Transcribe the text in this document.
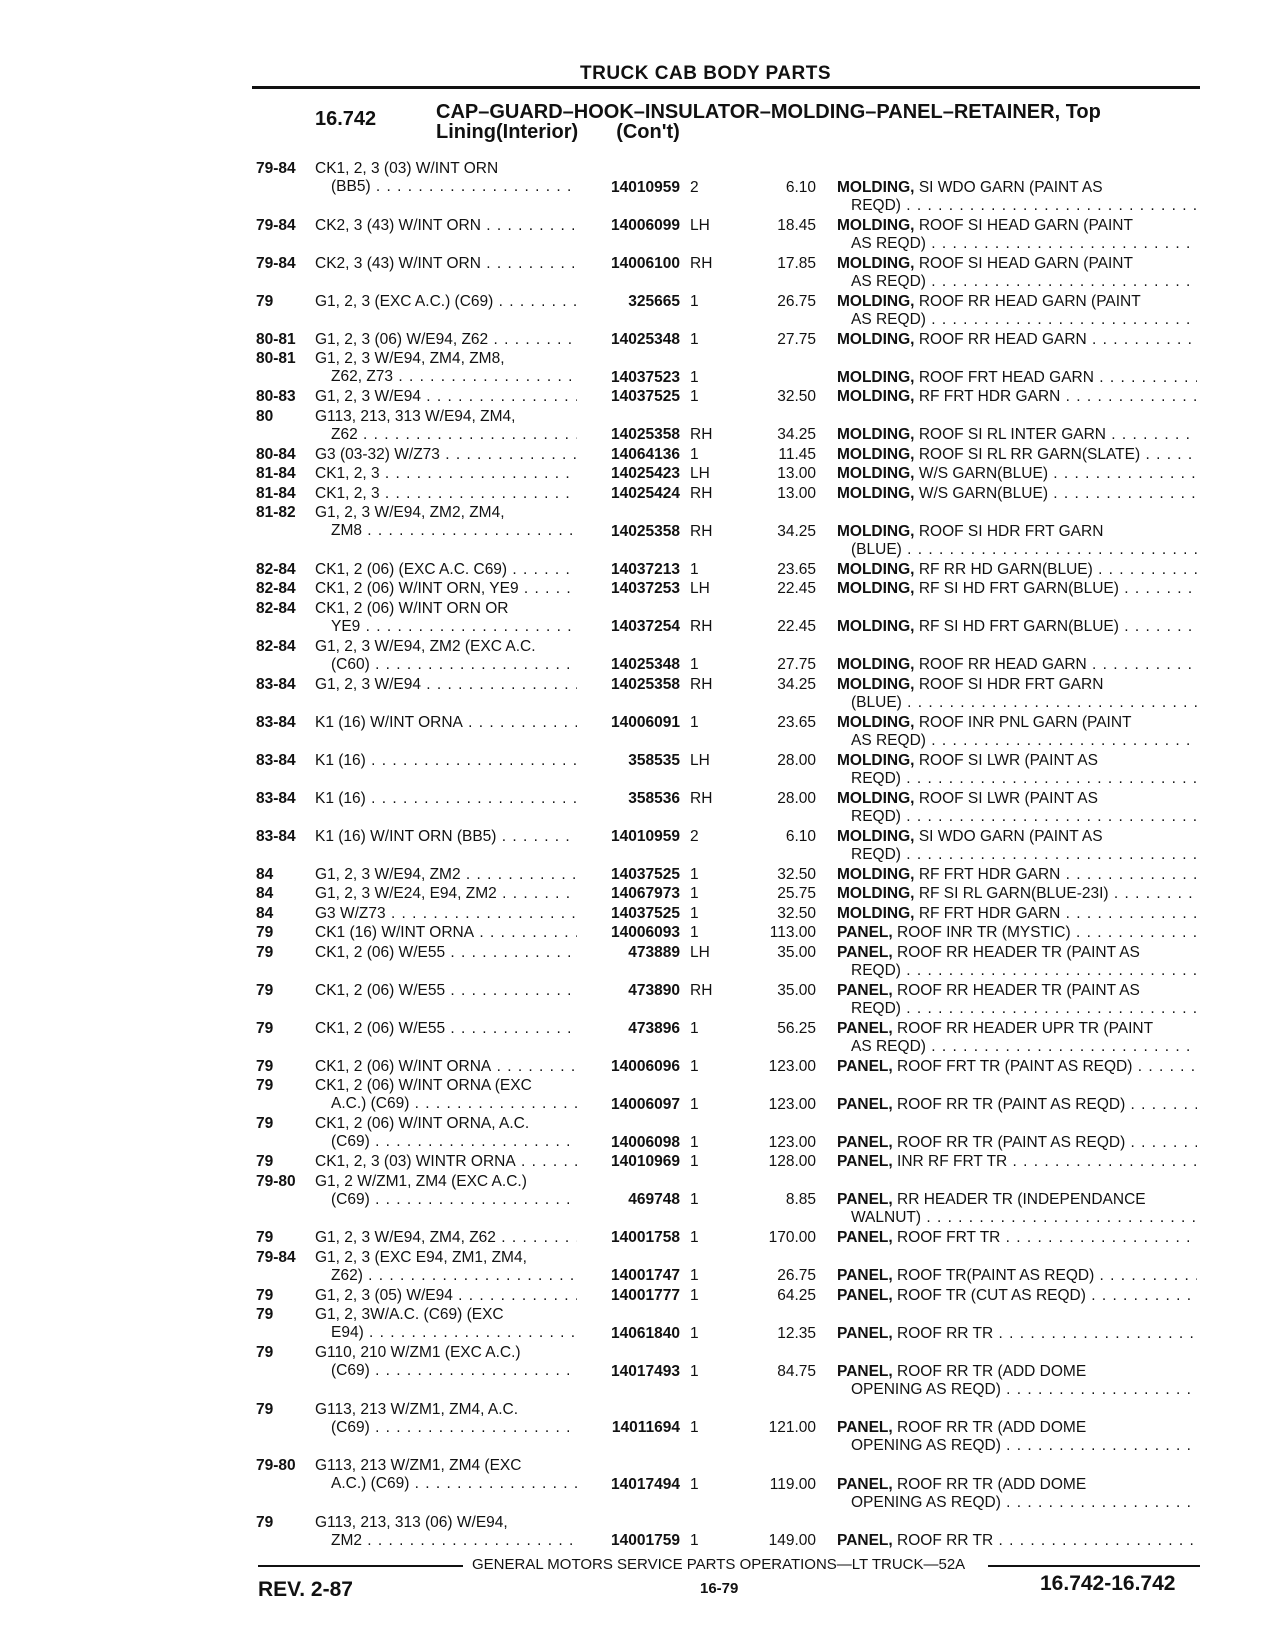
TRUCK CAB BODY PARTS
16.742	CAP–GUARD–HOOK–INSULATOR–MOLDING–PANEL–RETAINER, Top
Lining(Interior) (Con't)
79-84 CK1, 2, 3 (03) W/INT ORN
(BB5) . . .	14010959 2	6.10 MOLDING, SI WDO GARN (PAINT AS
REQD) . . .
79-84 CK2, 3 (43) W/INT ORN . . .	14006099 LH	18.45 MOLDING, ROOF SI HEAD GARN (PAINT
AS REQD) . . .
79-84 CK2, 3 (43) W/INT ORN . . .	14006100 RH	17.85 MOLDING, ROOF SI HEAD GARN (PAINT
AS REQD) . . .
79	G1, 2, 3 (EXC A.C.) (C69) . . .	325665 1	26.75 MOLDING, ROOF RR HEAD GARN (PAINT
AS REQD) . . .
80-81 G1, 2, 3 (06) W/E94, Z62 . . .	14025348 1	27.75 MOLDING, ROOF RR HEAD GARN . . .
80-81 G1, 2, 3 W/E94, ZM4, ZM8,
Z62, Z73 . . .	14037523 1	MOLDING, ROOF FRT HEAD GARN . . .
80-83 G1, 2, 3 W/E94 . . .	14037525 1	32.50 MOLDING, RF FRT HDR GARN . . .
80	G113, 213, 313 W/E94, ZM4,
Z62 . . .	14025358 RH	34.25 MOLDING, ROOF SI RL INTER GARN . . .
80-84 G3 (03-32) W/Z73 . . .	14064136 1	11.45 MOLDING, ROOF SI RL RR GARN(SLATE) . . .
81-84 CK1, 2, 3 . . .	14025423 LH	13.00 MOLDING, W/S GARN(BLUE) . . .
81-84 CK1, 2, 3 . . .	14025424 RH	13.00 MOLDING, W/S GARN(BLUE) . . .
81-82 G1, 2, 3 W/E94, ZM2, ZM4,
ZM8 . . .	14025358 RH	34.25 MOLDING, ROOF SI HDR FRT GARN
(BLUE) . . .
82-84 CK1, 2 (06) (EXC A.C. C69) . . .	14037213 1	23.65 MOLDING, RF RR HD GARN(BLUE) . . .
82-84 CK1, 2 (06) W/INT ORN, YE9 . . .	14037253 LH	22.45 MOLDING, RF SI HD FRT GARN(BLUE) . . .
82-84 CK1, 2 (06) W/INT ORN OR
YE9 . . .	14037254 RH	22.45 MOLDING, RF SI HD FRT GARN(BLUE) . . .
82-84 G1, 2, 3 W/E94, ZM2 (EXC A.C.
(C60) . . .	14025348 1	27.75 MOLDING, ROOF RR HEAD GARN . . .
83-84 G1, 2, 3 W/E94 . . .	14025358 RH	34.25 MOLDING, ROOF SI HDR FRT GARN
(BLUE) . . .
83-84 K1 (16) W/INT ORNA . . .	14006091 1	23.65 MOLDING, ROOF INR PNL GARN (PAINT
AS REQD) . . .
83-84 K1 (16) . . .	358535 LH	28.00 MOLDING, ROOF SI LWR (PAINT AS
REQD) . . .
83-84 K1 (16) . . .	358536 RH	28.00 MOLDING, ROOF SI LWR (PAINT AS
REQD) . . .
83-84 K1 (16) W/INT ORN (BB5) . . .	14010959 2	6.10 MOLDING, SI WDO GARN (PAINT AS
REQD) . . .
84	G1, 2, 3 W/E94, ZM2 . . .	14037525 1	32.50 MOLDING, RF FRT HDR GARN . . .
84	G1, 2, 3 W/E24, E94, ZM2 . . .	14067973 1	25.75 MOLDING, RF SI RL GARN(BLUE-23I) . . .
84	G3 W/Z73 . . .	14037525 1	32.50 MOLDING, RF FRT HDR GARN . . .
79	CK1 (16) W/INT ORNA . . .	14006093 1	113.00 PANEL, ROOF INR TR (MYSTIC) . . .
79	CK1, 2 (06) W/E55 . . .	473889 LH	35.00 PANEL, ROOF RR HEADER TR (PAINT AS
REQD) . . .
79	CK1, 2 (06) W/E55 . . .	473890 RH	35.00 PANEL, ROOF RR HEADER TR (PAINT AS
REQD) . . .
79	CK1, 2 (06) W/E55 . . .	473896 1	56.25 PANEL, ROOF RR HEADER UPR TR (PAINT
AS REQD) . . .
79	CK1, 2 (06) W/INT ORNA . . .	14006096 1	123.00 PANEL, ROOF FRT TR (PAINT AS REQD) . . .
79	CK1, 2 (06) W/INT ORNA (EXC
A.C.) (C69) . . .	14006097 1	123.00 PANEL, ROOF RR TR (PAINT AS REQD) . . .
79	CK1, 2 (06) W/INT ORNA, A.C.
(C69) . . .	14006098 1	123.00 PANEL, ROOF RR TR (PAINT AS REQD) . . .
79	CK1, 2, 3 (03) WINTR ORNA . . .	14010969 1	128.00 PANEL, INR RF FRT TR . . .
79-80 G1, 2 W/ZM1, ZM4 (EXC A.C.)
(C69) . . .	469748 1	8.85 PANEL, RR HEADER TR (INDEPENDANCE
WALNUT) . . .
79	G1, 2, 3 W/E94, ZM4, Z62 . . .	14001758 1	170.00 PANEL, ROOF FRT TR . . .
79-84 G1, 2, 3 (EXC E94, ZM1, ZM4,
Z62) . . .	14001747 1	26.75 PANEL, ROOF TR(PAINT AS REQD) . . .
79	G1, 2, 3 (05) W/E94 . . .	14001777 1	64.25 PANEL, ROOF TR (CUT AS REQD) . . .
79	G1, 2, 3W/A.C. (C69) (EXC
E94) . . .	14061840 1	12.35 PANEL, ROOF RR TR . . .
79	G110, 210 W/ZM1 (EXC A.C.)
(C69) . . .	14017493 1	84.75 PANEL, ROOF RR TR (ADD DOME
OPENING AS REQD) . . .
79	G113, 213 W/ZM1, ZM4, A.C.
(C69) . . .	14011694 1	121.00 PANEL, ROOF RR TR (ADD DOME
OPENING AS REQD) . . .
79-80 G113, 213 W/ZM1, ZM4 (EXC
A.C.) (C69) . . .	14017494 1	119.00 PANEL, ROOF RR TR (ADD DOME
OPENING AS REQD) . . .
79	G113, 213, 313 (06) W/E94,
ZM2 . . .	14001759 1	149.00 PANEL, ROOF RR TR . . .
GENERAL MOTORS SERVICE PARTS OPERATIONS—LT TRUCK—52A
REV. 2-87	16-79	16.742-16.742
